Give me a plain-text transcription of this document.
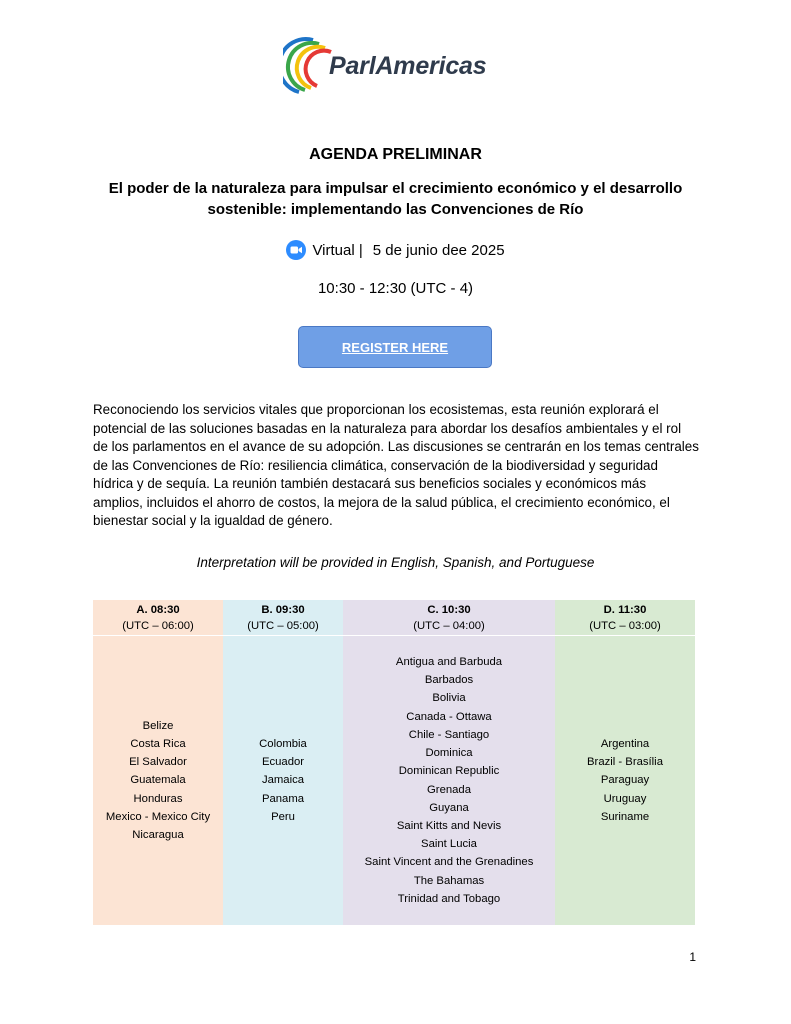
ParlAmericas
AGENDA PRELIMINAR
El poder de la naturaleza para impulsar el crecimiento económico y el desarrollo sostenible: implementando las Convenciones de Río
Virtual | 5 de junio dee 2025
10:30 - 12:30 (UTC - 4)
REGISTER HERE
Reconociendo los servicios vitales que proporcionan los ecosistemas, esta reunión explorará el potencial de las soluciones basadas en la naturaleza para abordar los desafíos ambientales y el rol de los parlamentos en el avance de su adopción. Las discusiones se centrarán en los temas centrales de las Convenciones de Río: resiliencia climática, conservación de la biodiversidad y seguridad hídrica y de sequía. La reunión también destacará sus beneficios sociales y económicos más amplios, incluidos el ahorro de costos, la mejora de la salud pública, el crecimiento económico, el bienestar social y la igualdad de género.
Interpretation will be provided in English, Spanish, and Portuguese
A. 08:30
(UTC – 06:00)
Belize
Costa Rica
El Salvador
Guatemala
Honduras
Mexico - Mexico City
Nicaragua
B. 09:30
(UTC – 05:00)
Colombia
Ecuador
Jamaica
Panama
Peru
C. 10:30
(UTC – 04:00)
Antigua and Barbuda
Barbados
Bolivia
Canada - Ottawa
Chile - Santiago
Dominica
Dominican Republic
Grenada
Guyana
Saint Kitts and Nevis
Saint Lucia
Saint Vincent and the Grenadines
The Bahamas
Trinidad and Tobago
D. 11:30
(UTC – 03:00)
Argentina
Brazil - Brasília
Paraguay
Uruguay
Suriname
1
